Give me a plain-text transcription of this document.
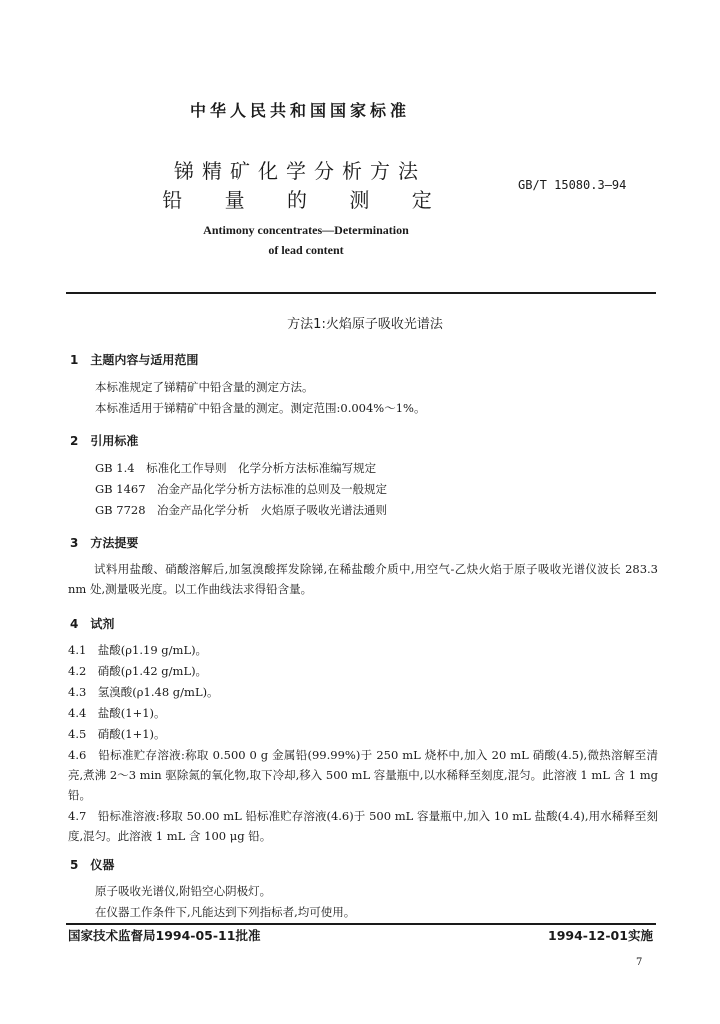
中华人民共和国国家标准
锑精矿化学分析方法
铅 量 的 测 定
GB/T 15080.3—94
Antimony concentrates—Determination
of lead content
方法1:火焰原子吸收光谱法
1　主题内容与适用范围
本标准规定了锑精矿中铅含量的测定方法。
本标准适用于锑精矿中铅含量的测定。测定范围:0.004%～1%。
2　引用标准
GB 1.4　标准化工作导则　化学分析方法标准编写规定
GB 1467　冶金产品化学分析方法标准的总则及一般规定
GB 7728　冶金产品化学分析　火焰原子吸收光谱法通则
3　方法提要
试料用盐酸、硝酸溶解后,加氢溴酸挥发除锑,在稀盐酸介质中,用空气-乙炔火焰于原子吸收光谱仪波长 283.3 nm 处,测量吸光度。以工作曲线法求得铅含量。
4　试剂
4.1　盐酸(ρ1.19 g/mL)。
4.2　硝酸(ρ1.42 g/mL)。
4.3　氢溴酸(ρ1.48 g/mL)。
4.4　盐酸(1+1)。
4.5　硝酸(1+1)。
4.6　铅标准贮存溶液:称取 0.500 0 g 金属铅(99.99%)于 250 mL 烧杯中,加入 20 mL 硝酸(4.5),微热溶解至清亮,煮沸 2～3 min 驱除氮的氧化物,取下冷却,移入 500 mL 容量瓶中,以水稀释至刻度,混匀。此溶液 1 mL 含 1 mg 铅。
4.7　铅标准溶液:移取 50.00 mL 铅标准贮存溶液(4.6)于 500 mL 容量瓶中,加入 10 mL 盐酸(4.4),用水稀释至刻度,混匀。此溶液 1 mL 含 100 μg 铅。
5　仪器
原子吸收光谱仪,附铅空心阴极灯。
在仪器工作条件下,凡能达到下列指标者,均可使用。
国家技术监督局1994-05-11批准	1994-12-01实施
7
